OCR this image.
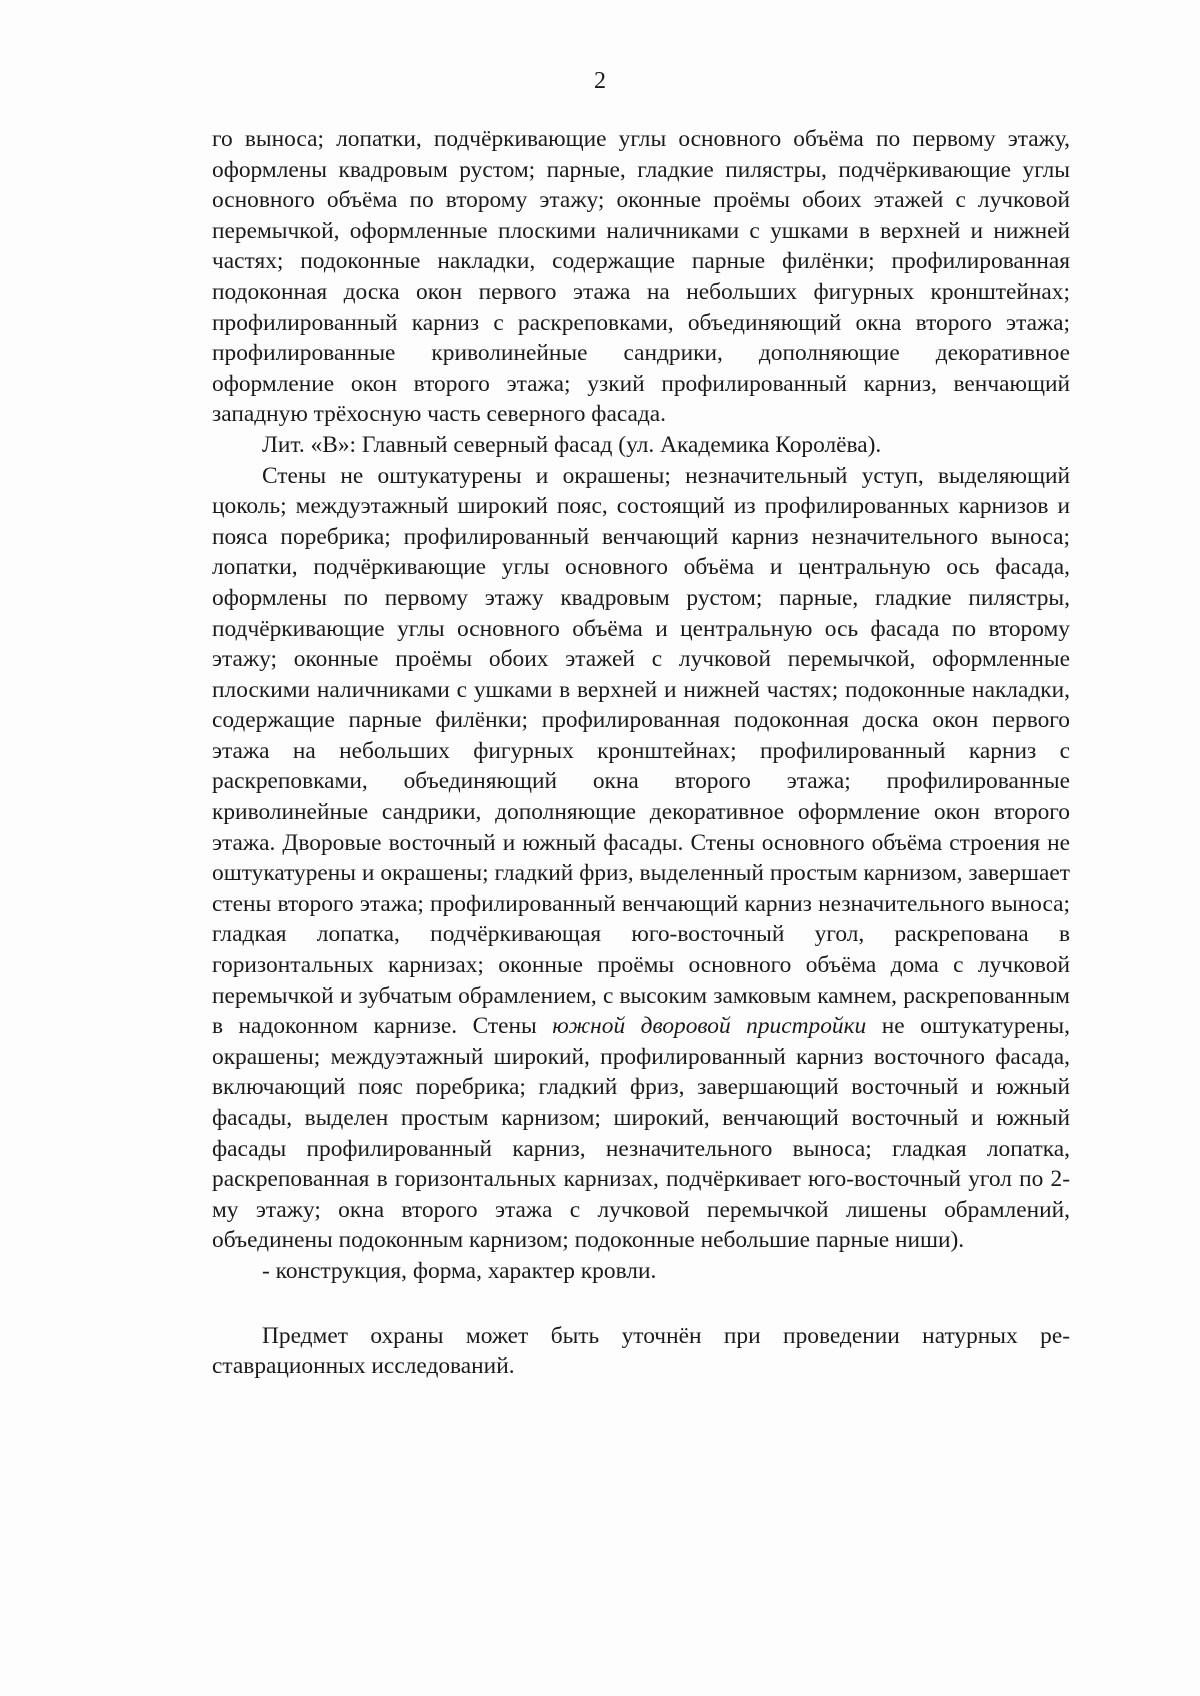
2

го выноса; лопатки, подчёркивающие углы основного объёма по первому этажу, оформлены квадровым рустом; парные, гладкие пилястры, подчёркивающие углы основного объёма по второму этажу; оконные проёмы обоих этажей с лучковой перемычкой, оформленные плоскими наличниками с ушками в верхней и нижней частях; подоконные накладки, содержащие парные филёнки; профилированная подоконная доска окон первого этажа на небольших фигурных кронштейнах; профилированный карниз с раскреповками, объединяющий окна второго этажа; профилированные криволинейные сандрики, дополняющие декоративное оформление окон второго этажа; узкий профилированный карниз, венчающий западную трёхосную часть северного фасада.

Лит. «В»: Главный северный фасад (ул. Академика Королёва).

Стены не оштукатурены и окрашены; незначительный уступ, выделяющий цоколь; междуэтажный широкий пояс, состоящий из профилированных карнизов и пояса поребрика; профилированный венчающий карниз незначительного выноса; лопатки, подчёркивающие углы основного объёма и центральную ось фасада, оформлены по первому этажу квадровым рустом; парные, гладкие пилястры, подчёркивающие углы основного объёма и центральную ось фасада по второму этажу; оконные проёмы обоих этажей с лучковой перемычкой, оформленные плоскими наличниками с ушками в верхней и нижней частях; подоконные накладки, содержащие парные филёнки; профилированная подоконная доска окон первого этажа на небольших фигурных кронштейнах; профилированный карниз с раскреповками, объединяющий окна второго этажа; профилированные криволинейные сандрики, дополняющие декоративное оформление окон второго этажа. Дворовые восточный и южный фасады. Стены основного объёма строения не оштукатурены и окрашены; гладкий фриз, выделенный простым карнизом, завершает стены второго этажа; профилированный венчающий карниз незначительного выноса; гладкая лопатка, подчёркивающая юго-восточный угол, раскрепована в горизонтальных карнизах; оконные проёмы основного объёма дома с лучковой перемычкой и зубчатым обрамлением, с высоким замковым камнем, раскрепованным в надоконном карнизе. Стены южной дворовой пристройки не оштукатурены, окрашены; междуэтажный широкий, профилированный карниз восточного фасада, включающий пояс поребрика; гладкий фриз, завершающий восточный и южный фасады, выделен простым карнизом; широкий, венчающий восточный и южный фасады профилированный карниз, незначительного выноса; гладкая лопатка, раскрепованная в горизонтальных карнизах, подчёркивает юго-восточный угол по 2-му этажу; окна второго этажа с лучковой перемычкой лишены обрамлений, объединены подоконным карнизом; подоконные небольшие парные ниши).

- конструкция, форма, характер кровли.

Предмет охраны может быть уточнён при проведении натурных реставрационных исследований.
